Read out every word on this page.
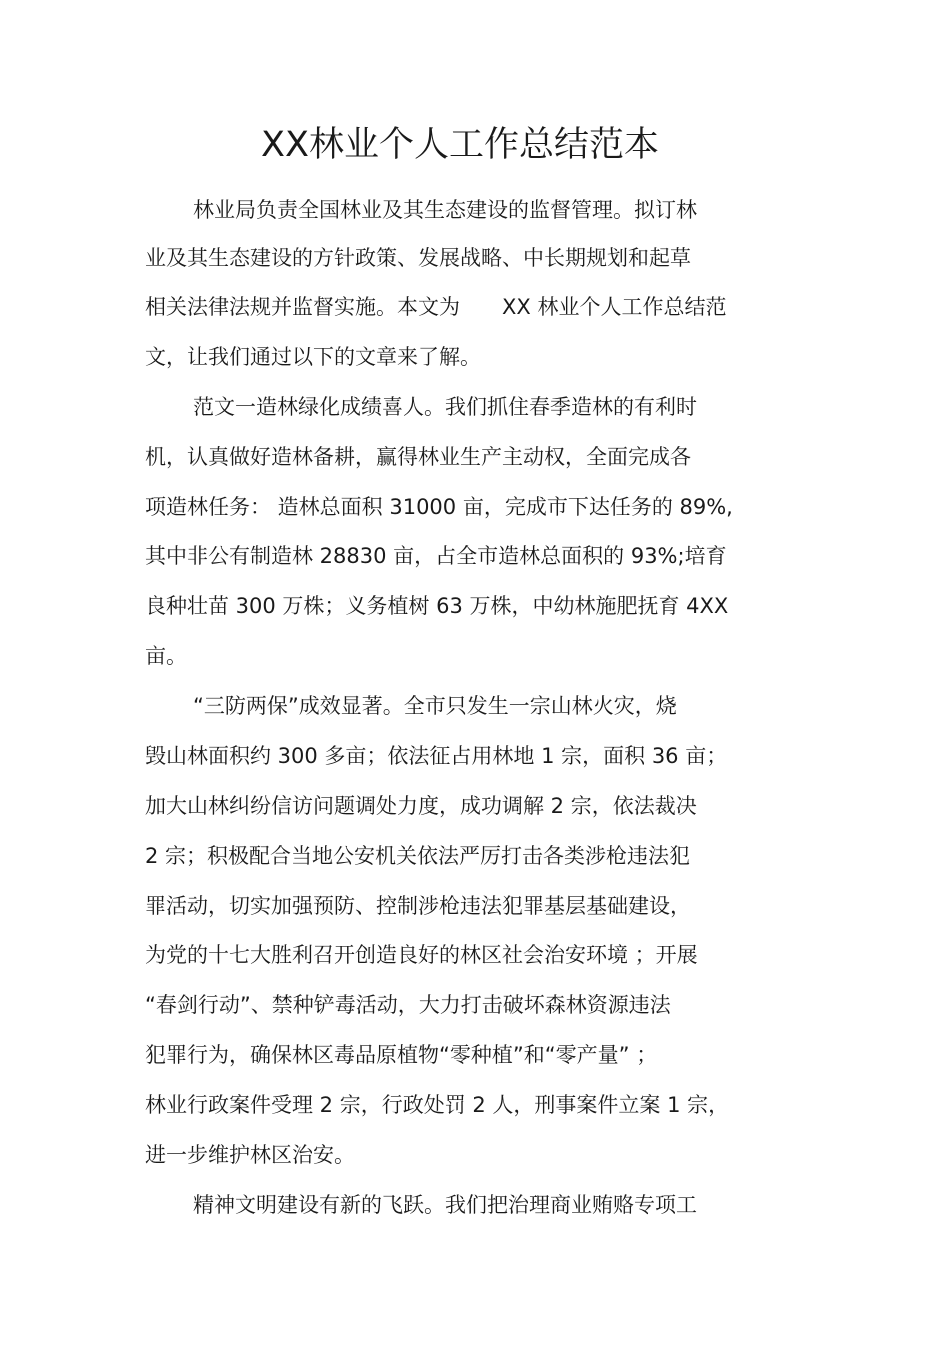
XX林业个人工作总结范本
林业局负责全国林业及其生态建设的监督管理。拟订林
业及其生态建设的方针政策、发展战略、中长期规划和起草
相关法律法规并监督实施。本文为　　XX 林业个人工作总结范
文，让我们通过以下的文章来了解。
范文一造林绿化成绩喜人。我们抓住春季造林的有利时
机，认真做好造林备耕，赢得林业生产主动权，全面完成各
项造林任务： 造林总面积 31000 亩，完成市下达任务的 89%,
其中非公有制造林 28830 亩，占全市造林总面积的 93%;培育
良种壮苗 300 万株；义务植树 63 万株，中幼林施肥抚育 4XX
亩。
“三防两保”成效显著。全市只发生一宗山林火灾，烧
毁山林面积约 300 多亩；依法征占用林地 1 宗，面积 36 亩；
加大山林纠纷信访问题调处力度，成功调解 2 宗，依法裁决
2 宗；积极配合当地公安机关依法严厉打击各类涉枪违法犯
罪活动，切实加强预防、控制涉枪违法犯罪基层基础建设，
为党的十七大胜利召开创造良好的林区社会治安环境 ；开展
“春剑行动”、禁种铲毒活动，大力打击破坏森林资源违法
犯罪行为，确保林区毒品原植物“零种植”和“零产量” ；
林业行政案件受理 2 宗，行政处罚 2 人，刑事案件立案 1 宗，
进一步维护林区治安。
精神文明建设有新的飞跃。我们把治理商业贿赂专项工
